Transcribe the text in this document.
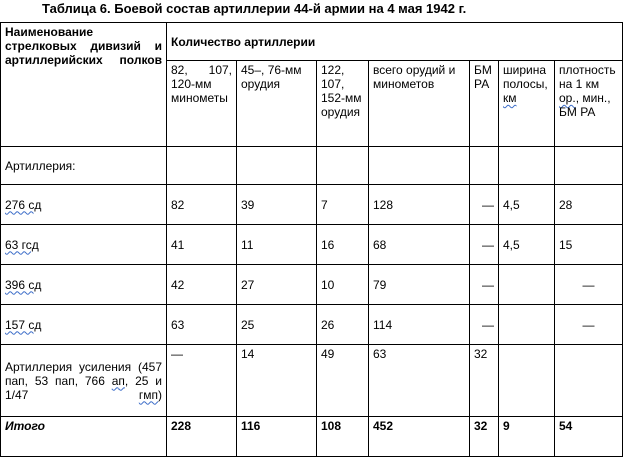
Таблица 6. Боевой состав артиллерии 44-й армии на 4 мая 1942 г.
Наименование стрелковых дивизий и артиллерийских полков	Количество артиллерии						
	82, 107, 120-мм минометы	45–, 76-мм орудия	122, 107, 152-мм орудия	всего орудий и минометов	БМ РА	ширина полосы, км	плотность на 1 км ор., мин., БМ РА
Артиллерия:							
276 сд	82	39	7	128	—	4,5	28
63 гсд	41	11	16	68	—	4,5	15
396 сд	42	27	10	79	—		—
157 сд	63	25	26	114	—		—
Артиллерия усиления (457 пап, 53 пап, 766 ап, 25 и 1/47 гмп)	—	14	49	63	32		
Итого	228	116	108	452	32	9	54
